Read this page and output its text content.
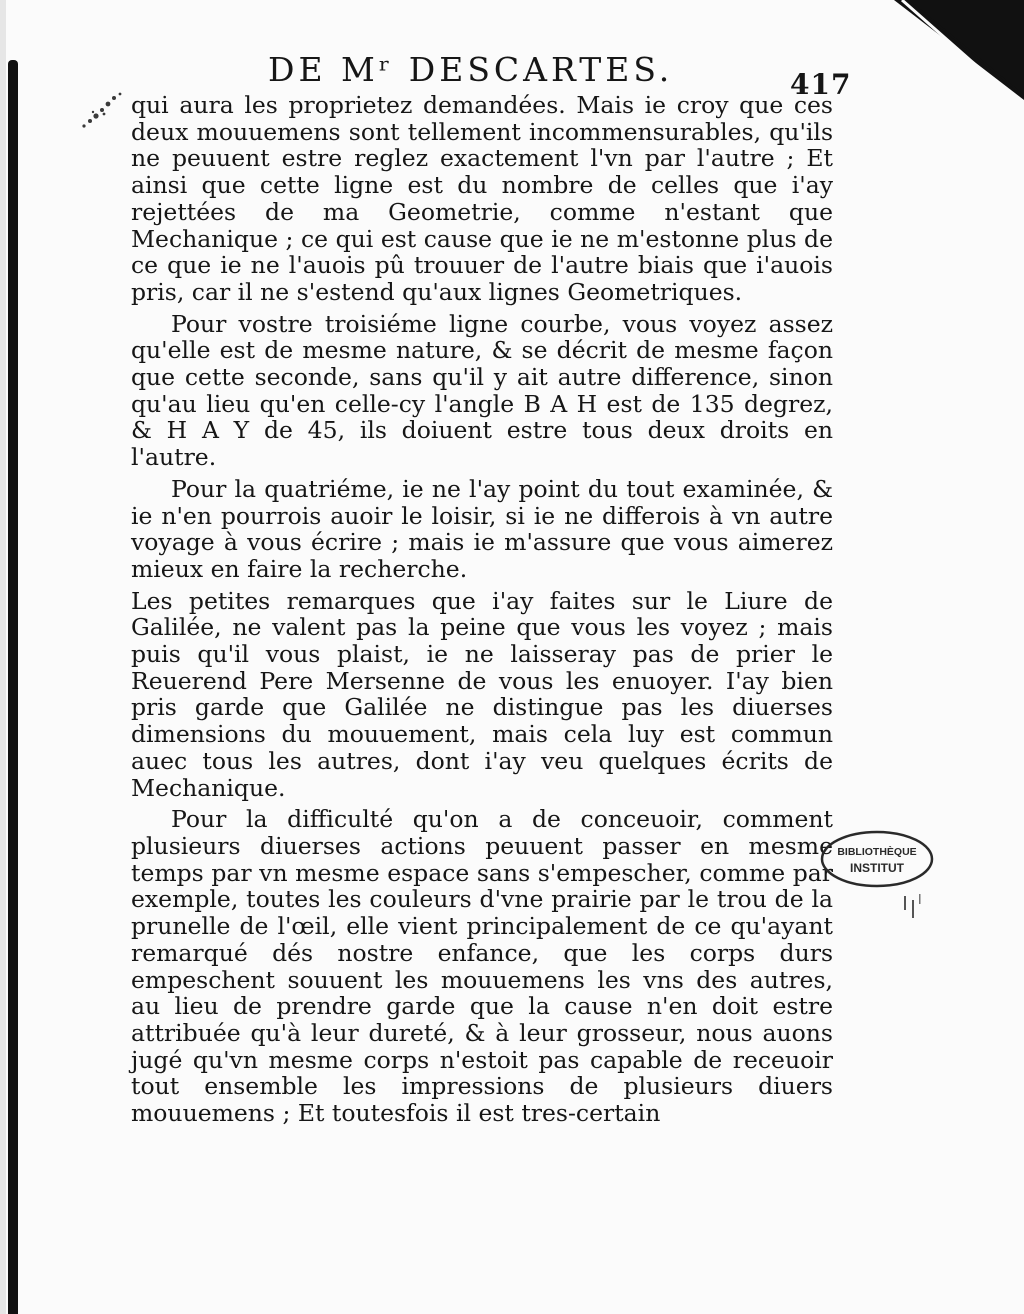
DE Mʳ DESCARTES.	417

qui aura les proprietez demandées. Mais ie croy que ces deux mouuemens sont tellement incommensurables, qu'ils ne peuuent estre reglez exactement l'vn par l'autre ; Et ainsi que cette ligne est du nombre de celles que i'ay rejettées de ma Geometrie, comme n'estant que Mechanique ; ce qui est cause que ie ne m'estonne plus de ce que ie ne l'auois pû trouuer de l'autre biais que i'auois pris, car il ne s'estend qu'aux lignes Geometriques.

Pour vostre troisiéme ligne courbe, vous voyez assez qu'elle est de mesme nature, & se décrit de mesme façon que cette seconde, sans qu'il y ait autre difference, sinon qu'au lieu qu'en celle-cy l'angle B A H est de 135 degrez, & H A Y de 45, ils doiuent estre tous deux droits en l'autre.

Pour la quatriéme, ie ne l'ay point du tout examinée, & ie n'en pourrois auoir le loisir, si ie ne differois à vn autre voyage à vous écrire ; mais ie m'assure que vous aimerez mieux en faire la recherche.

Les petites remarques que i'ay faites sur le Liure de Galilée, ne valent pas la peine que vous les voyez ; mais puis qu'il vous plaist, ie ne laisseray pas de prier le Reuerend Pere Mersenne de vous les enuoyer. I'ay bien pris garde que Galilée ne distingue pas les diuerses dimensions du mouuement, mais cela luy est commun auec tous les autres, dont i'ay veu quelques écrits de Mechanique.

Pour la difficulté qu'on a de conceuoir, comment plusieurs diuerses actions peuuent passer en mesme temps par vn mesme espace sans s'empescher, comme par exemple, toutes les couleurs d'vne prairie par le trou de la prunelle de l'œil, elle vient principalement de ce qu'ayant remarqué dés nostre enfance, que les corps durs empeschent souuent les mouuemens les vns des autres, au lieu de prendre garde que la cause n'en doit estre attribuée qu'à leur dureté, & à leur grosseur, nous auons jugé qu'vn mesme corps n'estoit pas capable de receuoir tout ensemble les impressions de plusieurs diuers mouuemens ; Et toutesfois il est tres-certain

BIBLIOTHÈQUE
INSTITUT
